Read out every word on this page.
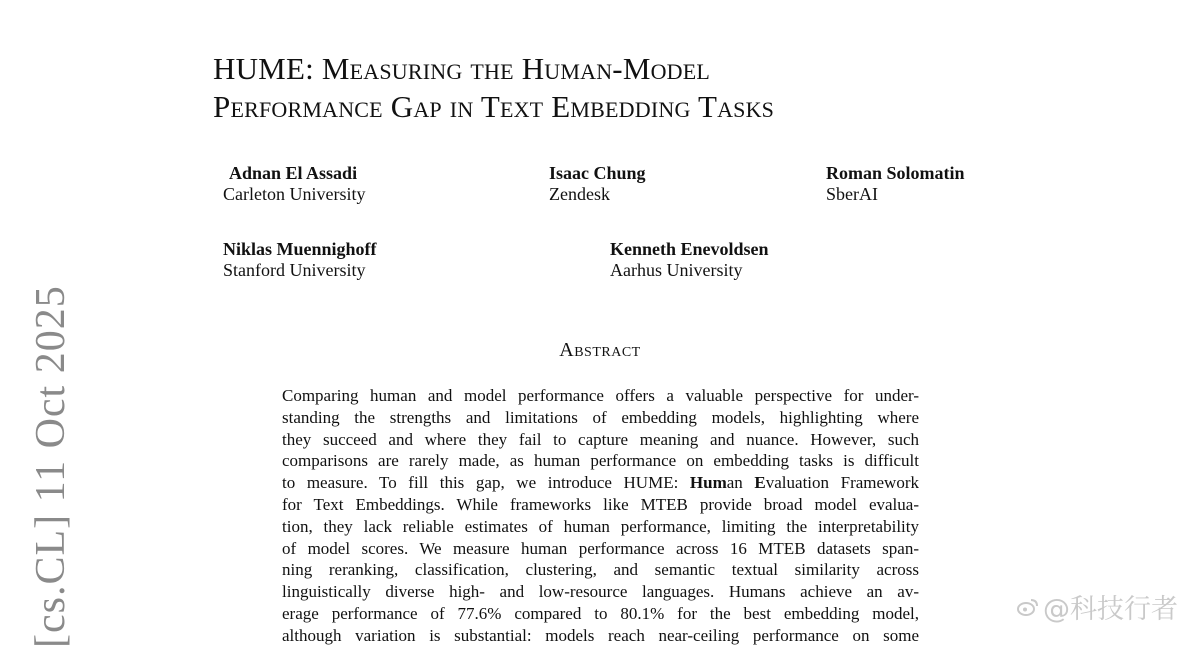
HUME: Measuring the Human-Model
Performance Gap in Text Embedding Tasks
Adnan El Assadi
Carleton University
Isaac Chung
Zendesk
Roman Solomatin
SberAI
Niklas Muennighoff
Stanford University
Kenneth Enevoldsen
Aarhus University
Abstract
Comparing human and model performance offers a valuable perspective for under-
standing the strengths and limitations of embedding models, highlighting where
they succeed and where they fail to capture meaning and nuance. However, such
comparisons are rarely made, as human performance on embedding tasks is difficult
to measure. To fill this gap, we introduce HUME: Human Evaluation Framework
for Text Embeddings. While frameworks like MTEB provide broad model evalua-
tion, they lack reliable estimates of human performance, limiting the interpretability
of model scores. We measure human performance across 16 MTEB datasets span-
ning reranking, classification, clustering, and semantic textual similarity across
linguistically diverse high- and low-resource languages. Humans achieve an av-
erage performance of 77.6% compared to 80.1% for the best embedding model,
although variation is substantial: models reach near-ceiling performance on some
[cs.CL] 11 Oct 2025	@科技行者
